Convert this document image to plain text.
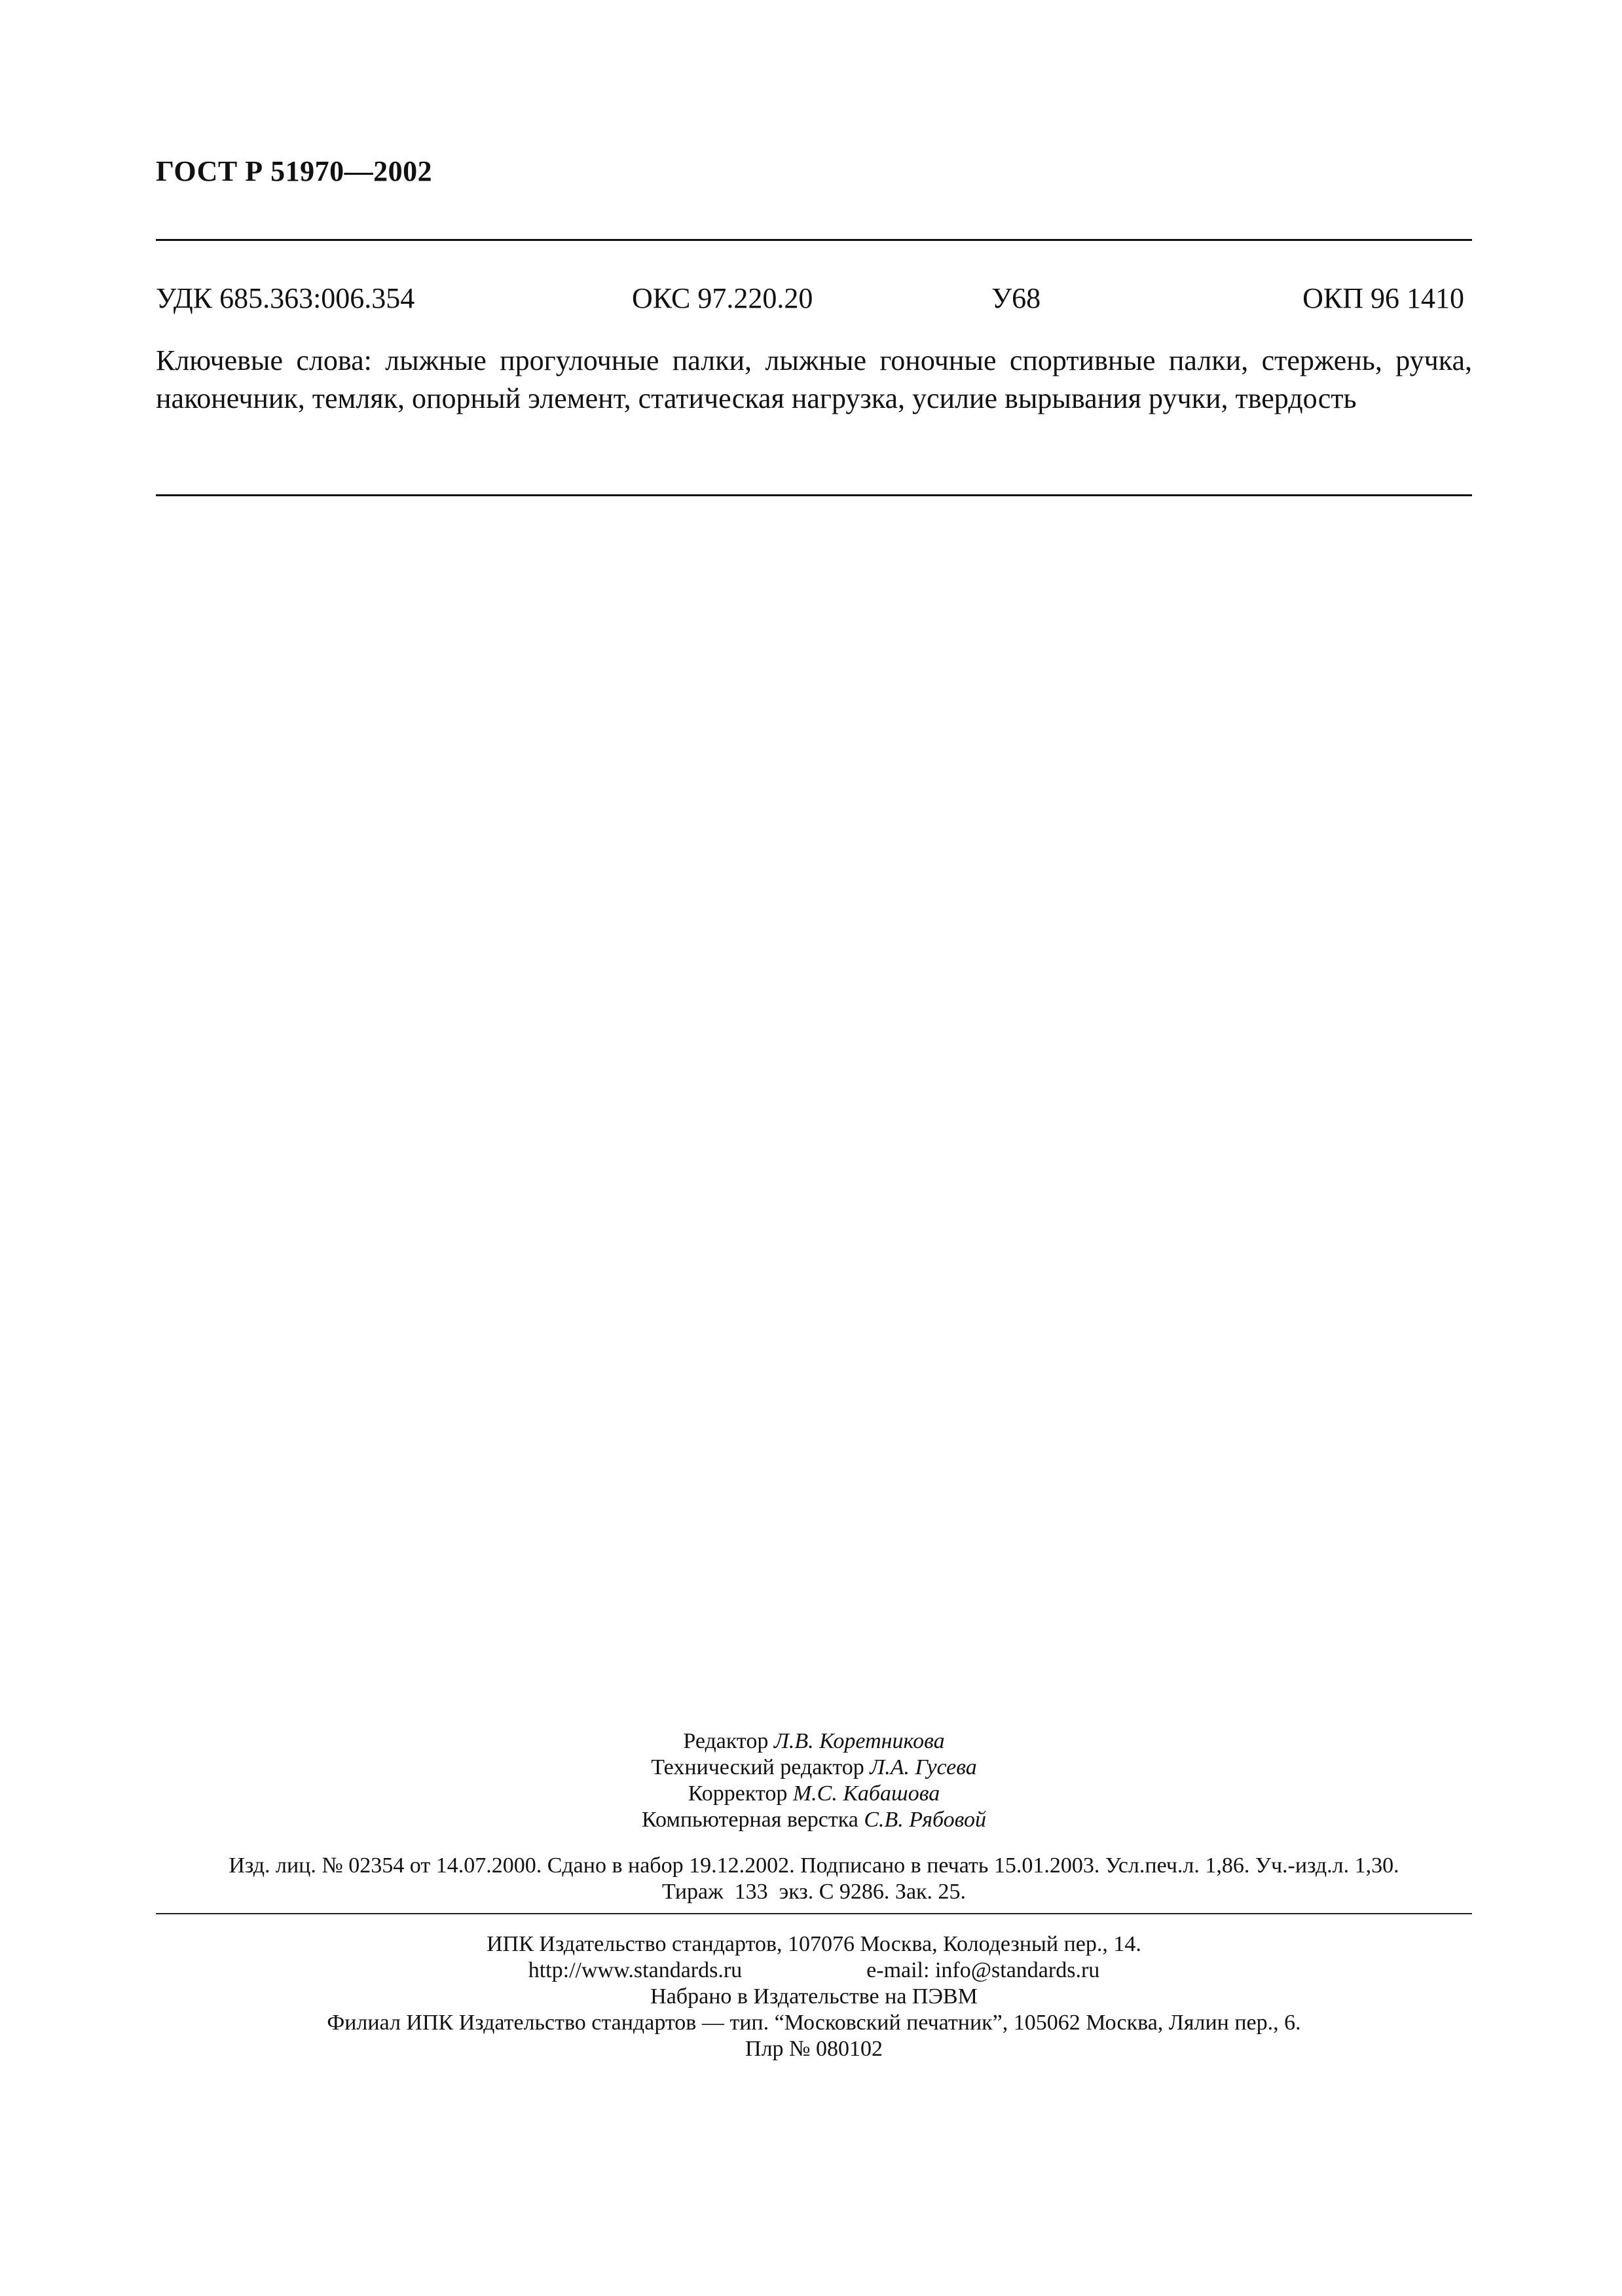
ГОСТ Р 51970—2002
УДК 685.363:006.354	ОКС 97.220.20	У68	ОКП 96 1410
Ключевые слова: лыжные прогулочные палки, лыжные гоночные спортивные палки, стержень, ручка, наконечник, темляк, опорный элемент, статическая нагрузка, усилие вырывания ручки, твердость
Редактор Л.В. Коретникова
Технический редактор Л.А. Гусева
Корректор М.С. Кабашова
Компьютерная верстка С.В. Рябовой
Изд. лиц. № 02354 от 14.07.2000. Сдано в набор 19.12.2002. Подписано в печать 15.01.2003. Усл.печ.л. 1,86. Уч.-изд.л. 1,30.
Тираж  133  экз. С 9286. Зак. 25.
ИПК Издательство стандартов, 107076 Москва, Колодезный пер., 14.
http://www.standards.ru	e-mail: info@standards.ru
Набрано в Издательстве на ПЭВМ
Филиал ИПК Издательство стандартов — тип. “Московский печатник”, 105062 Москва, Лялин пер., 6.
Плр № 080102
